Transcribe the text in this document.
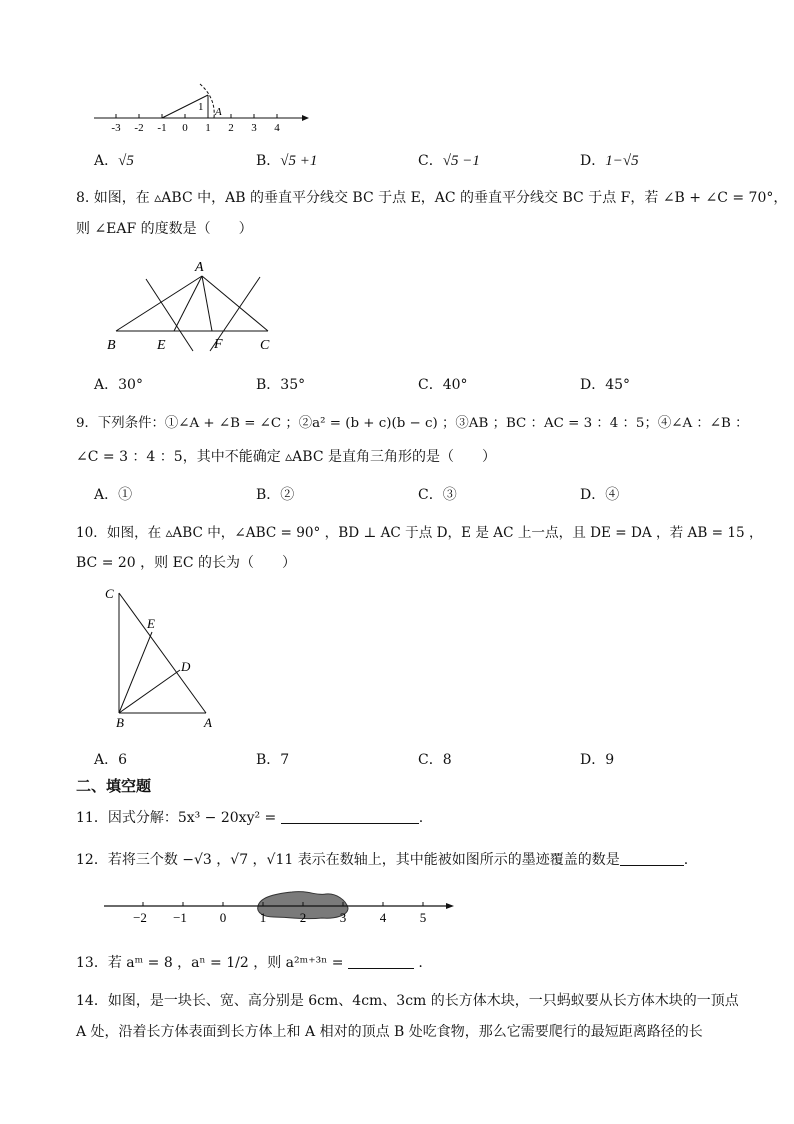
1 A
-3 -2 -1 0 1 2 3 4
A．√5	B．√5 +1	C．√5 −1	D．1−√5
8. 如图，在 ▵ABC 中，AB 的垂直平分线交 BC 于点 E，AC 的垂直平分线交 BC 于点 F，若 ∠B + ∠C = 70°，
则 ∠EAF 的度数是（　　）
A
B	E	F	C
A．30°	B．35°	C．40°	D．45°
9．下列条件：①∠A + ∠B = ∠C ；②a² = (b + c)(b − c) ；③AB ；BC ：AC = 3 ：4 ：5；④∠A ：∠B ：
∠C = 3 ：4 ：5，其中不能确定 ▵ABC 是直角三角形的是（　　）
A．①	B．②	C．③	D．④
10．如图，在 ▵ABC 中，∠ABC = 90° ，BD ⊥ AC 于点 D，E 是 AC 上一点，且 DE = DA ，若 AB = 15 ，
BC = 20 ，则 EC 的长为（　　）
C
E
D
B	A
A．6	B．7	C．8	D．9
二、填空题
11．因式分解：5x³ − 20xy² =	.
12．若将三个数 −√3 ，√7 ，√11 表示在数轴上，其中能被如图所示的墨迹覆盖的数是	.
−2 −1	0	1	2	3	4	5
13．若 aᵐ = 8 ，aⁿ = 1/2 ，则 a²ᵐ⁺³ⁿ =	.
14．如图，是一块长、宽、高分别是 6cm、4cm、3cm 的长方体木块，一只蚂蚁要从长方体木块的一顶点
A 处，沿着长方体表面到长方体上和 A 相对的顶点 B 处吃食物，那么它需要爬行的最短距离路径的长
